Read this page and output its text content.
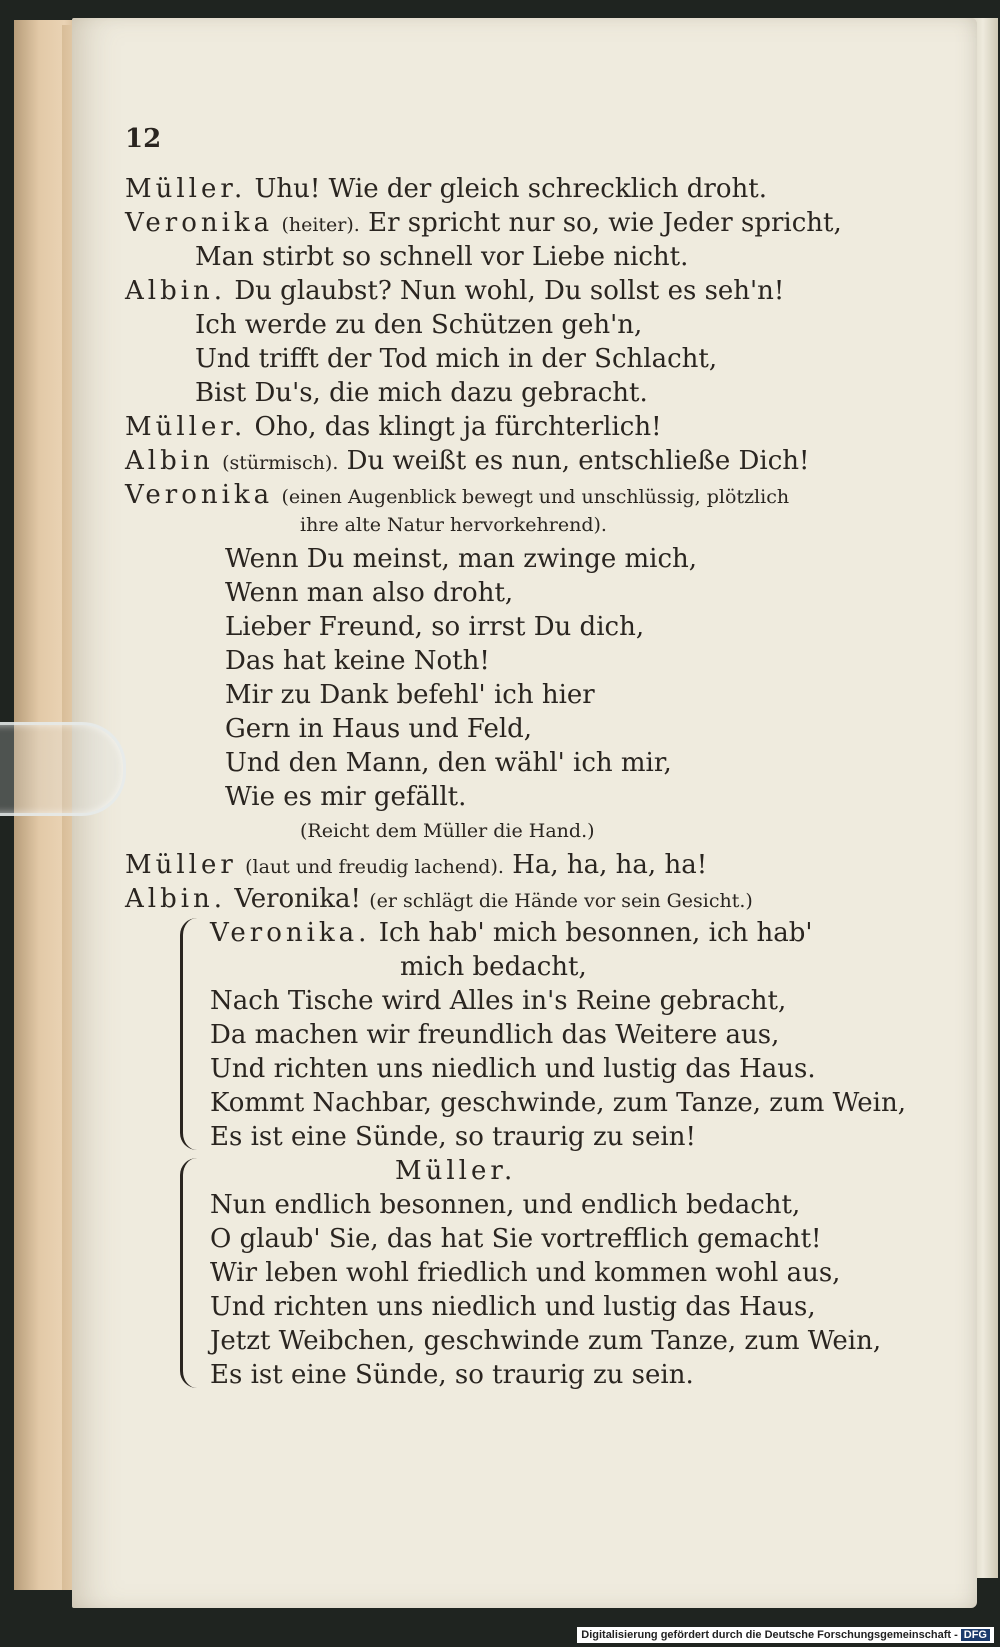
12
Müller. Uhu! Wie der gleich schrecklich droht.
Veronika (heiter). Er spricht nur so, wie Jeder spricht,
Man stirbt so schnell vor Liebe nicht.
Albin. Du glaubst? Nun wohl, Du sollst es seh'n!
Ich werde zu den Schützen geh'n,
Und trifft der Tod mich in der Schlacht,
Bist Du's, die mich dazu gebracht.
Müller. Oho, das klingt ja fürchterlich!
Albin (stürmisch). Du weißt es nun, entschließe Dich!
Veronika (einen Augenblick bewegt und unschlüssig, plötzlich
ihre alte Natur hervorkehrend).
Wenn Du meinst, man zwinge mich,
Wenn man also droht,
Lieber Freund, so irrst Du dich,
Das hat keine Noth!
Mir zu Dank befehl' ich hier
Gern in Haus und Feld,
Und den Mann, den wähl' ich mir,
Wie es mir gefällt.
(Reicht dem Müller die Hand.)
Müller (laut und freudig lachend). Ha, ha, ha, ha!
Albin. Veronika! (er schlägt die Hände vor sein Gesicht.)
Veronika. Ich hab' mich besonnen, ich hab'
mich bedacht,
Nach Tische wird Alles in's Reine gebracht,
Da machen wir freundlich das Weitere aus,
Und richten uns niedlich und lustig das Haus.
Kommt Nachbar, geschwinde, zum Tanze, zum Wein,
Es ist eine Sünde, so traurig zu sein!
Müller.
Nun endlich besonnen, und endlich bedacht,
O glaub' Sie, das hat Sie vortrefflich gemacht!
Wir leben wohl friedlich und kommen wohl aus,
Und richten uns niedlich und lustig das Haus,
Jetzt Weibchen, geschwinde zum Tanze, zum Wein,
Es ist eine Sünde, so traurig zu sein.
Digitalisierung gefördert durch die Deutsche Forschungsgemeinschaft - DFG
